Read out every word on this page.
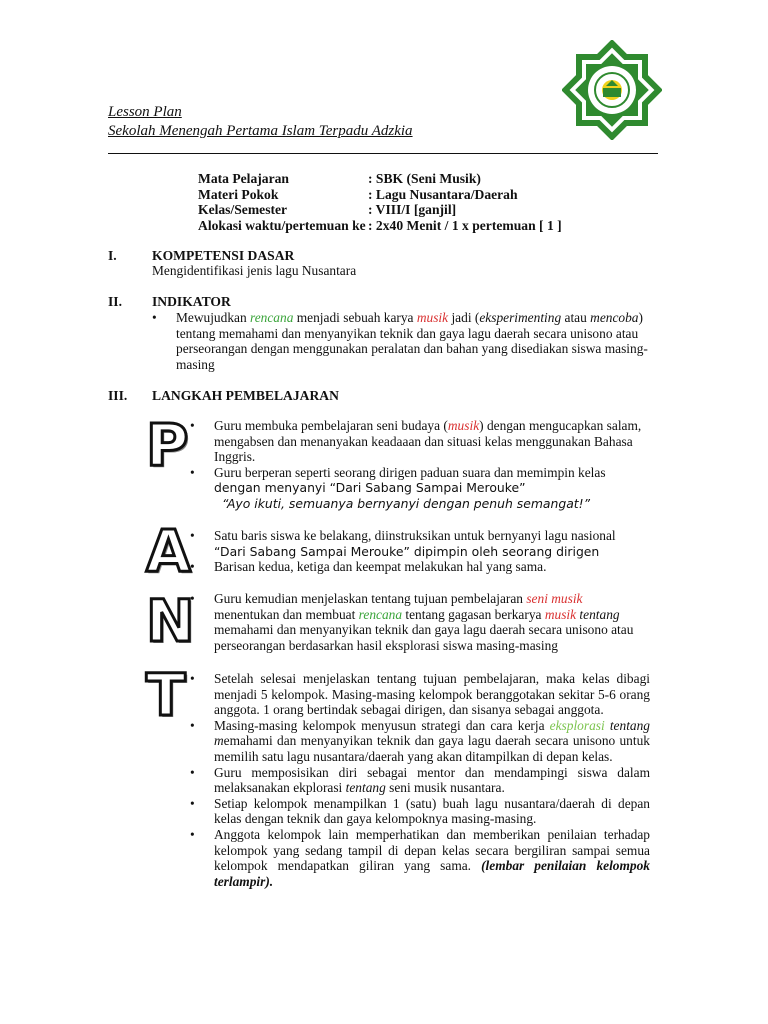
Lesson Plan
Sekolah Menengah Pertama Islam Terpadu Adzkia
Mata Pelajaran	: SBK (Seni Musik)
Materi Pokok	: Lagu Nusantara/Daerah
Kelas/Semester	: VIII/I [ganjil]
Alokasi waktu/pertemuan ke : 2x40 Menit / 1 x pertemuan [ 1 ]
I.	KOMPETENSI DASAR
Mengidentifikasi jenis lagu Nusantara
II. INDIKATOR
• Mewujudkan rencana menjadi sebuah karya musik jadi (eksperimenting atau mencoba) tentang memahami dan menyanyikan teknik dan gaya lagu daerah secara unisono atau perseorangan dengan menggunakan peralatan dan bahan yang disediakan siswa masing-masing
III. LANGKAH PEMBELAJARAN
P
A
N
T
• Guru membuka pembelajaran seni budaya (musik) dengan mengucapkan salam, mengabsen dan menanyakan keadaaan dan situasi kelas menggunakan Bahasa Inggris.
• Guru berperan seperti seorang dirigen paduan suara dan memimpin kelas dengan menyanyi “Dari Sabang Sampai Merouke”
“Ayo ikuti, semuanya bernyanyi dengan penuh semangat!”
• Satu baris siswa ke belakang, diinstruksikan untuk bernyanyi lagu nasional “Dari Sabang Sampai Merouke” dipimpin oleh seorang dirigen
• Barisan kedua, ketiga dan keempat melakukan hal yang sama.
• Guru kemudian menjelaskan tentang tujuan pembelajaran seni musik menentukan dan membuat rencana tentang gagasan berkarya musik tentang memahami dan menyanyikan teknik dan gaya lagu daerah secara unisono atau perseorangan berdasarkan hasil eksplorasi siswa masing-masing
• Setelah selesai menjelaskan tentang tujuan pembelajaran, maka kelas dibagi menjadi 5 kelompok. Masing-masing kelompok beranggotakan sekitar 5-6 orang anggota. 1 orang bertindak sebagai dirigen, dan sisanya sebagai anggota.
• Masing-masing kelompok menyusun strategi dan cara kerja eksplorasi tentang memahami dan menyanyikan teknik dan gaya lagu daerah secara unisono untuk memilih satu lagu nusantara/daerah yang akan ditampilkan di depan kelas.
• Guru memposisikan diri sebagai mentor dan mendampingi siswa dalam melaksanakan ekplorasi tentang seni musik nusantara.
• Setiap kelompok menampilkan 1 (satu) buah lagu nusantara/daerah di depan kelas dengan teknik dan gaya kelompoknya masing-masing.
• Anggota kelompok lain memperhatikan dan memberikan penilaian terhadap kelompok yang sedang tampil di depan kelas secara bergiliran sampai semua kelompok mendapatkan giliran yang sama. (lembar penilaian kelompok terlampir).
